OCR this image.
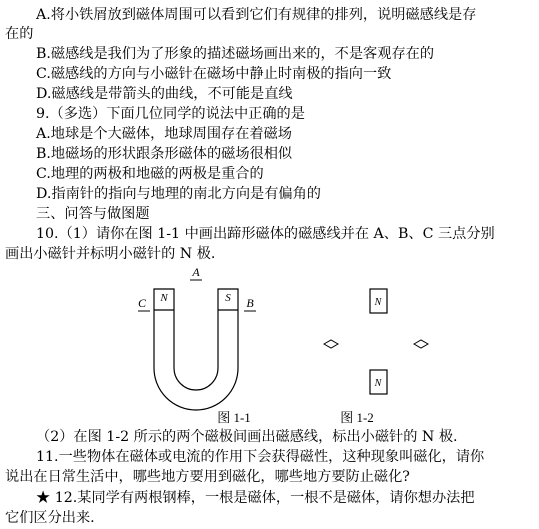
A.将小铁屑放到磁体周围可以看到它们有规律的排列，说明磁感线是存
在的
B.磁感线是我们为了形象的描述磁场画出来的，不是客观存在的
C.磁感线的方向与小磁针在磁场中静止时南极的指向一致
D.磁感线是带箭头的曲线，不可能是直线
9.（多选）下面几位同学的说法中正确的是
A.地球是个大磁体，地球周围存在着磁场
B.地磁场的形状跟条形磁体的磁场很相似
C.地理的两极和地磁的两极是重合的
D.指南针的指向与地理的南北方向是有偏角的
三、问答与做图题
10.（1）请你在图 1-1 中画出蹄形磁体的磁感线并在 A、B、C 三点分别
画出小磁针并标明小磁针的 N 极.
N	S
A
C	B
图 1-1
N
N
图 1-2
（2）在图 1-2 所示的两个磁极间画出磁感线，标出小磁针的 N 极.
11.一些物体在磁体或电流的作用下会获得磁性，这种现象叫磁化，请你
说出在日常生活中，哪些地方要用到磁化，哪些地方要防止磁化?
★ 12.某同学有两根钢棒，一根是磁体，一根不是磁体，请你想办法把
它们区分出来.
